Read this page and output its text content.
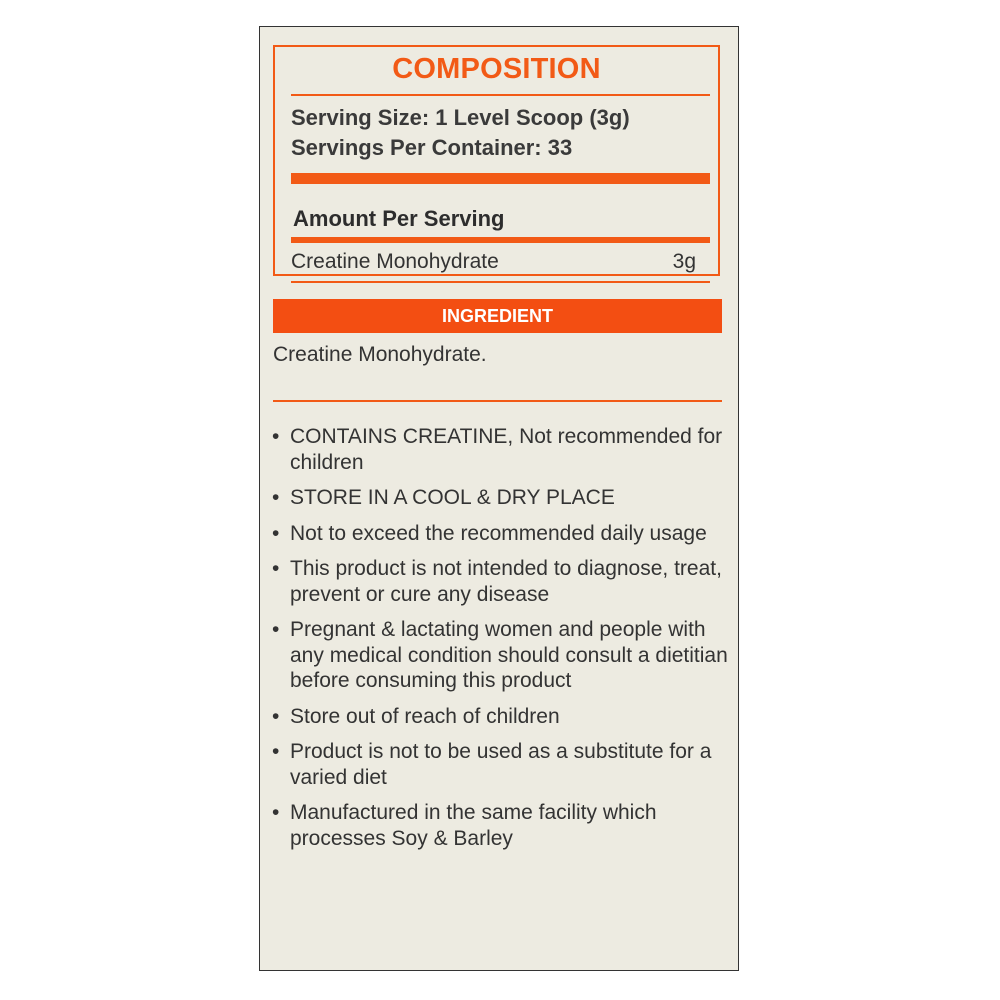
COMPOSITION
Serving Size: 1 Level Scoop (3g)
Servings Per Container: 33
Amount Per Serving
Creatine Monohydrate	3g
INGREDIENT
Creatine Monohydrate.
• CONTAINS CREATINE, Not recommended for children
• STORE IN A COOL & DRY PLACE
• Not to exceed the recommended daily usage
• This product is not intended to diagnose, treat, prevent or cure any disease
• Pregnant & lactating women and people with any medical condition should consult a dietitian before consuming this product
• Store out of reach of children
• Product is not to be used as a substitute for a varied diet
• Manufactured in the same facility which processes Soy & Barley
